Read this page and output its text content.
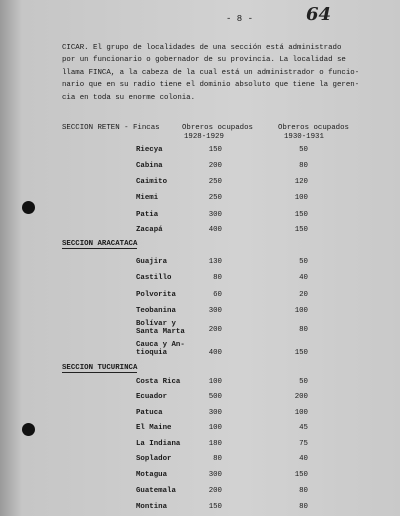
- 8 -	64

CICAR. El grupo de localidades de una sección está administrado

por un funcionario o gobernador de su provincia. La localidad se

llama FINCA, a la cabeza de la cual está un administrador o funcio-

nario que en su radio tiene el dominio absoluto que tiene la geren-

cia en toda su enorme colonia.

SECCION RETEN - Fincas	Obreros ocupados
1928-1929
Obreros ocupados
1930-1931
Riecya	150	50
Cabina	200	80
Caimito	250	120
Miemi	250	100
Patia	300	150
Zacapá	400	150
SECCION ARACATACA
Guajira	130	50
Castillo	80	40
Polvorita	60	20
Teobanina	300	100
Bolívar y Santa Marta	200	80
Cauca y An- tioquia	400	150
SECCION TUCURINCA
Costa Rica	100	50
Ecuador	500	200
Patuca	300	100
El Maine	100	45
La Indiana	180	75
Soplador	80	40
Motagua	300	150
Guatemala	200	80
Montina	150	80
